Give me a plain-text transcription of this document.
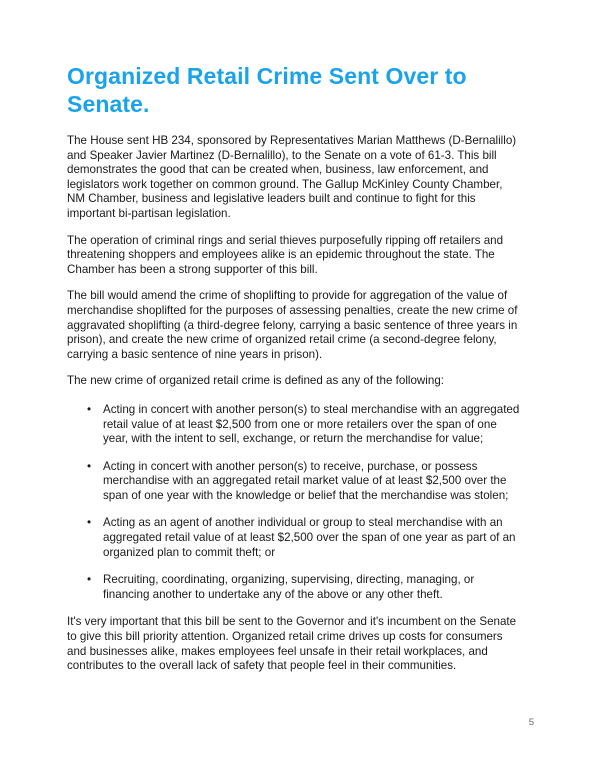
Organized Retail Crime Sent Over to Senate.

The House sent HB 234, sponsored by Representatives Marian Matthews (D-Bernalillo) and Speaker Javier Martinez (D-Bernalillo), to the Senate on a vote of 61-3. This bill demonstrates the good that can be created when, business, law enforcement, and legislators work together on common ground. The Gallup McKinley County Chamber, NM Chamber, business and legislative leaders built and continue to fight for this important bi-partisan legislation.

The operation of criminal rings and serial thieves purposefully ripping off retailers and threatening shoppers and employees alike is an epidemic throughout the state. The Chamber has been a strong supporter of this bill.

The bill would amend the crime of shoplifting to provide for aggregation of the value of merchandise shoplifted for the purposes of assessing penalties, create the new crime of aggravated shoplifting (a third-degree felony, carrying a basic sentence of three years in prison), and create the new crime of organized retail crime (a second-degree felony, carrying a basic sentence of nine years in prison).

The new crime of organized retail crime is defined as any of the following:

• Acting in concert with another person(s) to steal merchandise with an aggregated retail value of at least $2,500 from one or more retailers over the span of one year, with the intent to sell, exchange, or return the merchandise for value;
• Acting in concert with another person(s) to receive, purchase, or possess merchandise with an aggregated retail market value of at least $2,500 over the span of one year with the knowledge or belief that the merchandise was stolen;
• Acting as an agent of another individual or group to steal merchandise with an aggregated retail value of at least $2,500 over the span of one year as part of an organized plan to commit theft; or
• Recruiting, coordinating, organizing, supervising, directing, managing, or financing another to undertake any of the above or any other theft.

It's very important that this bill be sent to the Governor and it's incumbent on the Senate to give this bill priority attention. Organized retail crime drives up costs for consumers and businesses alike, makes employees feel unsafe in their retail workplaces, and contributes to the overall lack of safety that people feel in their communities.

5
